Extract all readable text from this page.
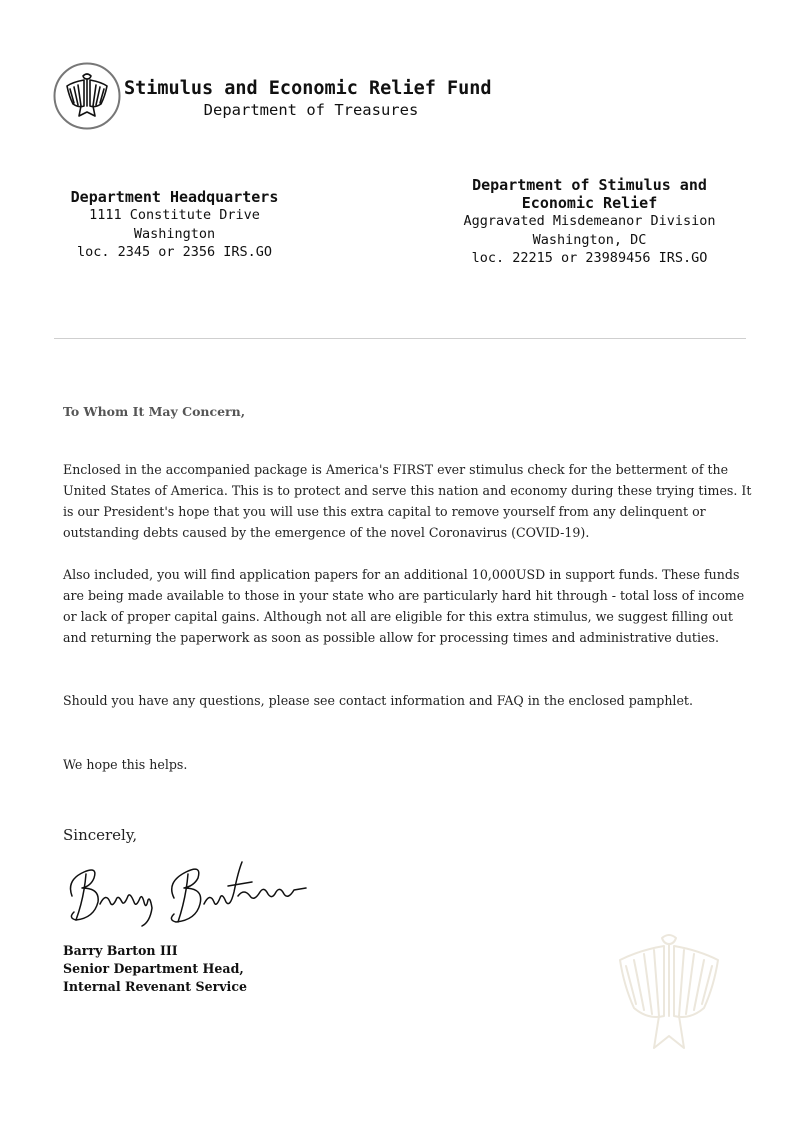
Stimulus and Economic Relief Fund
Department of Treasures
Department Headquarters
1111 Constitute Drive
Washington
loc. 2345 or 2356 IRS.GO
Department of Stimulus and
Economic Relief
Aggravated Misdemeanor Division
Washington, DC
loc. 22215 or 23989456 IRS.GO
To Whom It May Concern,

Enclosed in the accompanied package is America's FIRST ever stimulus check for the betterment of the United States of America. This is to protect and serve this nation and economy during these trying times. It is our President's hope that you will use this extra capital to remove yourself from any delinquent or outstanding debts caused by the emergence of the novel Coronavirus (COVID-19).

Also included, you will find application papers for an additional 10,000USD in support funds. These funds are being made available to those in your state who are particularly hard hit through - total loss of income or lack of proper capital gains. Although not all are eligible for this extra stimulus, we suggest filling out and returning the paperwork as soon as possible allow for processing times and administrative duties.

Should you have any questions, please see contact information and FAQ in the enclosed pamphlet.

We hope this helps.

Sincerely,
Barry Barton III
Senior Department Head,
Internal Revenant Service
